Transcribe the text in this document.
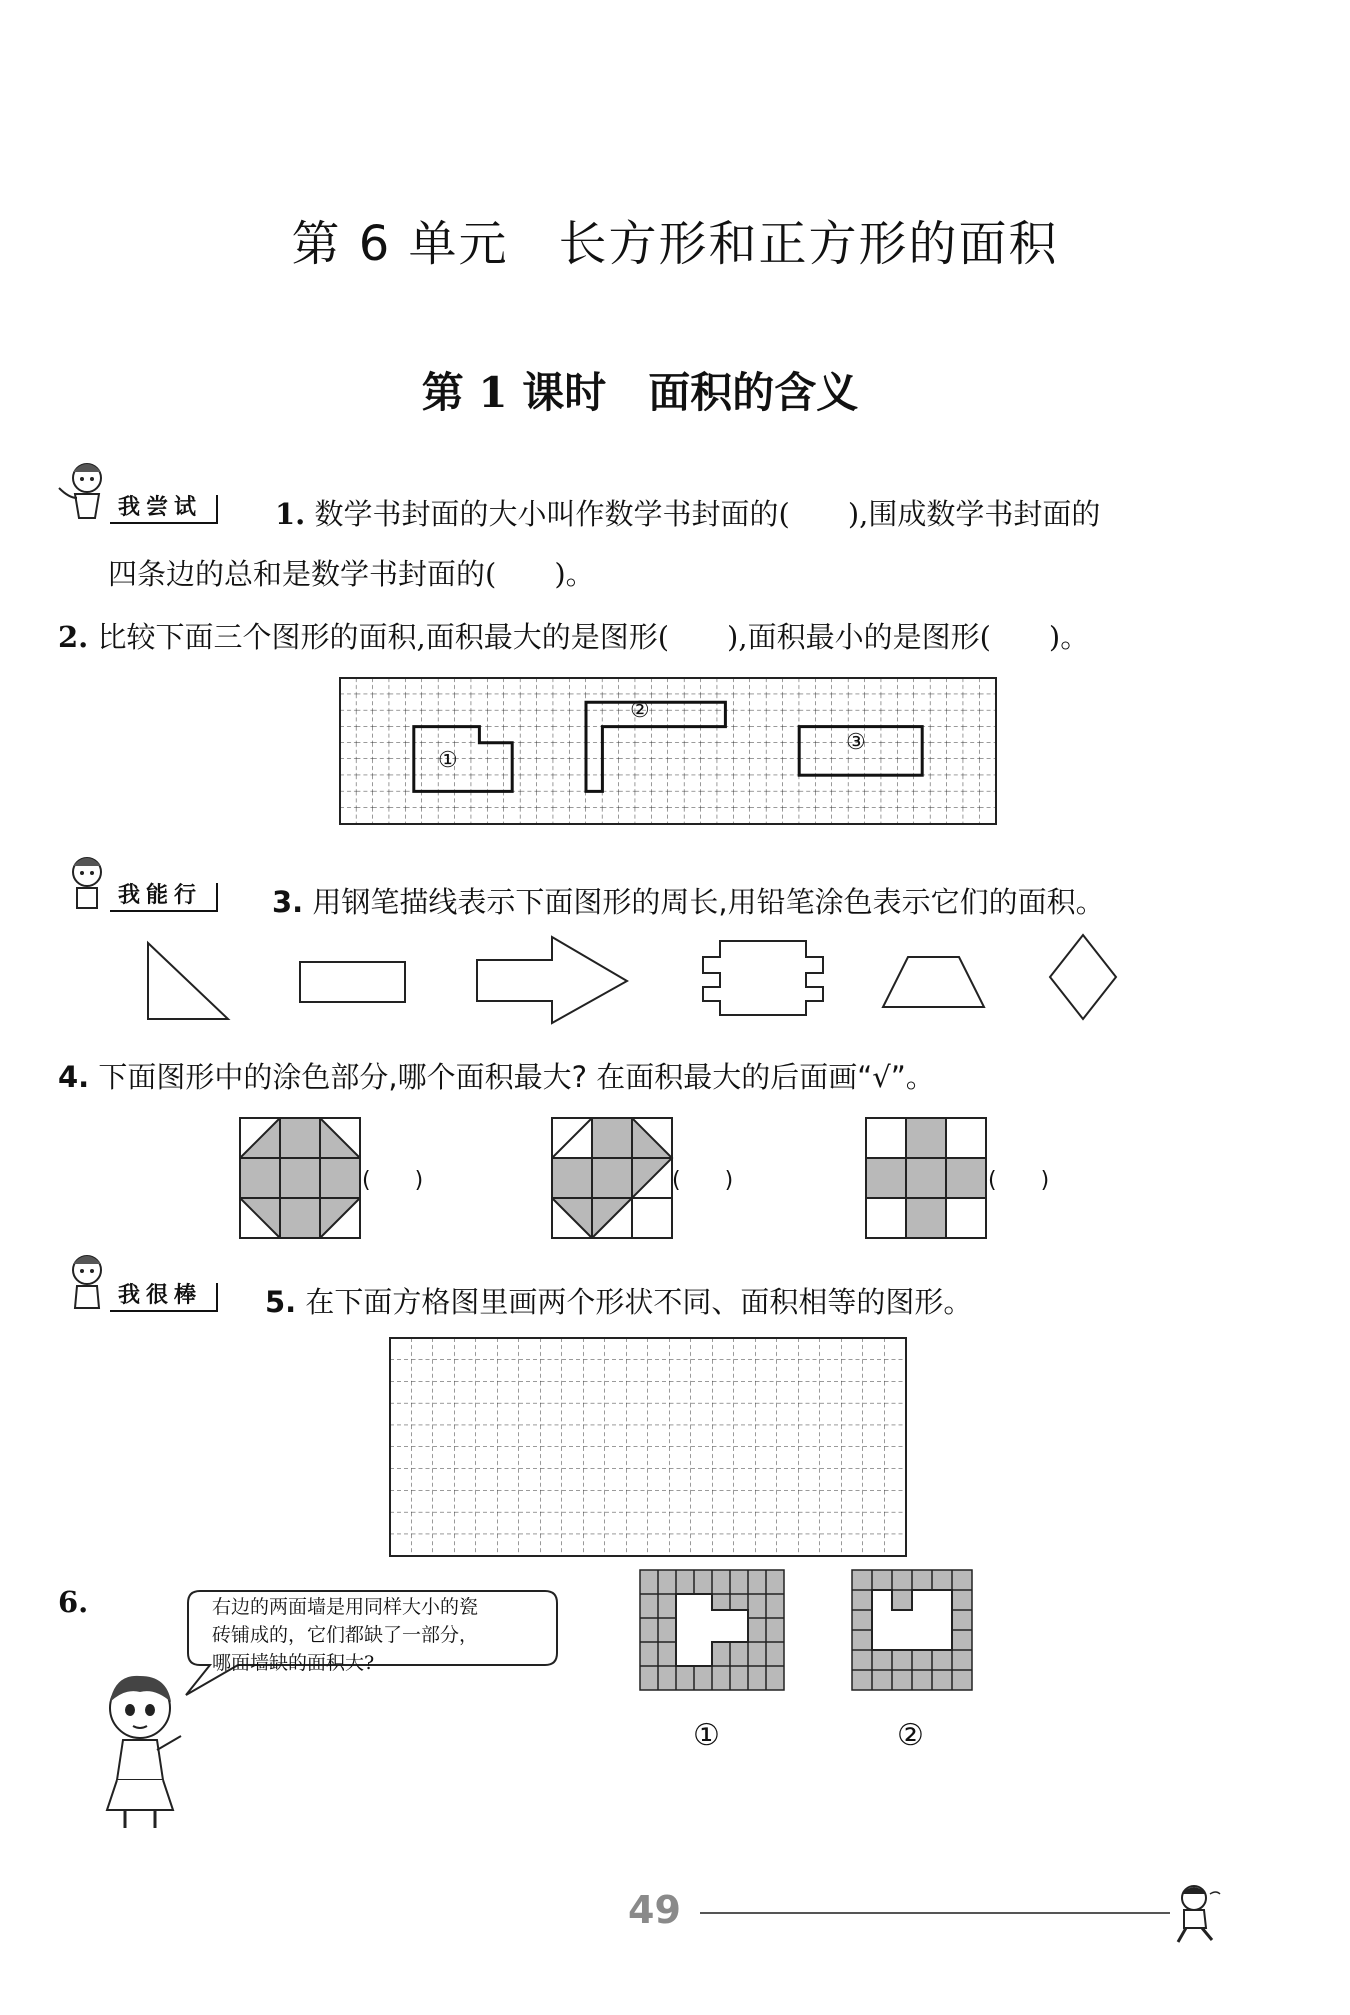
第 6 单元　长方形和正方形的面积
第 1 课时　面积的含义
我尝试	1. 数学书封面的大小叫作数学书封面的(　　),围成数学书封面的
四条边的总和是数学书封面的(　　)。
2. 比较下面三个图形的面积,面积最大的是图形(　　),面积最小的是图形(　　)。
①
②
③
我能行	3. 用钢笔描线表示下面图形的周长,用铅笔涂色表示它们的面积。
4. 下面图形中的涂色部分,哪个面积最大? 在面积最大的后面画“√”。
(　　)	(　　)	(　　)
我很棒	5. 在下面方格图里画两个形状不同、面积相等的图形。
6.	右边的两面墙是用同样大小的瓷
砖铺成的，它们都缺了一部分，
哪面墙缺的面积大?
①	②
49
